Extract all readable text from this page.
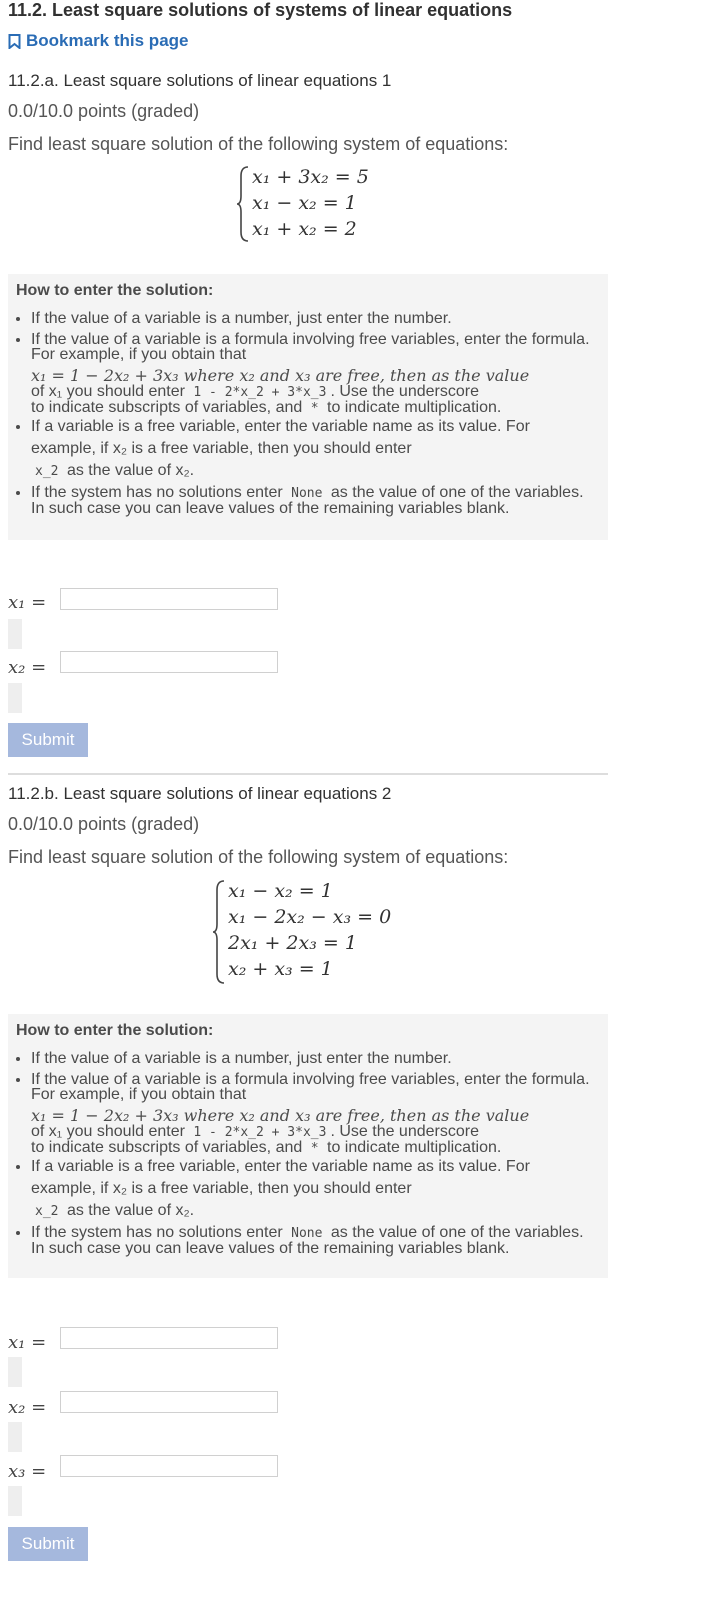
11.2. Least square solutions of systems of linear equations
Bookmark this page
11.2.a. Least square solutions of linear equations 1
0.0/10.0 points (graded)
Find least square solution of the following system of equations:
x₁ + 3x₂ = 5
x₁ − x₂ = 1
x₁ + x₂ = 2
How to enter the solution:
• If the value of a variable is a number, just enter the number.
• If the value of a variable is a formula involving free variables, enter the formula. For example, if you obtain that
x₁ = 1 − 2x₂ + 3x₃ where x₂ and x₃ are free, then as the value
of x₁ you should enter 1 - 2*x_2 + 3*x_3 . Use the underscore
to indicate subscripts of variables, and * to indicate multiplication.
• If a variable is a free variable, enter the variable name as its value. For example, if x₂ is a free variable, then you should enter
x_2 as the value of x₂.
• If the system has no solutions enter None as the value of one of the variables. In such case you can leave values of the remaining variables blank.
x₁ =
x₂ =
Submit
11.2.b. Least square solutions of linear equations 2
0.0/10.0 points (graded)
Find least square solution of the following system of equations:
x₁ − x₂ = 1
x₁ − 2x₂ − x₃ = 0
2x₁ + 2x₃ = 1
x₂ + x₃ = 1
How to enter the solution:
• If the value of a variable is a number, just enter the number.
• If the value of a variable is a formula involving free variables, enter the formula. For example, if you obtain that
x₁ = 1 − 2x₂ + 3x₃ where x₂ and x₃ are free, then as the value
of x₁ you should enter 1 - 2*x_2 + 3*x_3 . Use the underscore
to indicate subscripts of variables, and * to indicate multiplication.
• If a variable is a free variable, enter the variable name as its value. For example, if x₂ is a free variable, then you should enter
x_2 as the value of x₂.
• If the system has no solutions enter None as the value of one of the variables. In such case you can leave values of the remaining variables blank.
x₁ =
x₂ =
x₃ =
Submit
